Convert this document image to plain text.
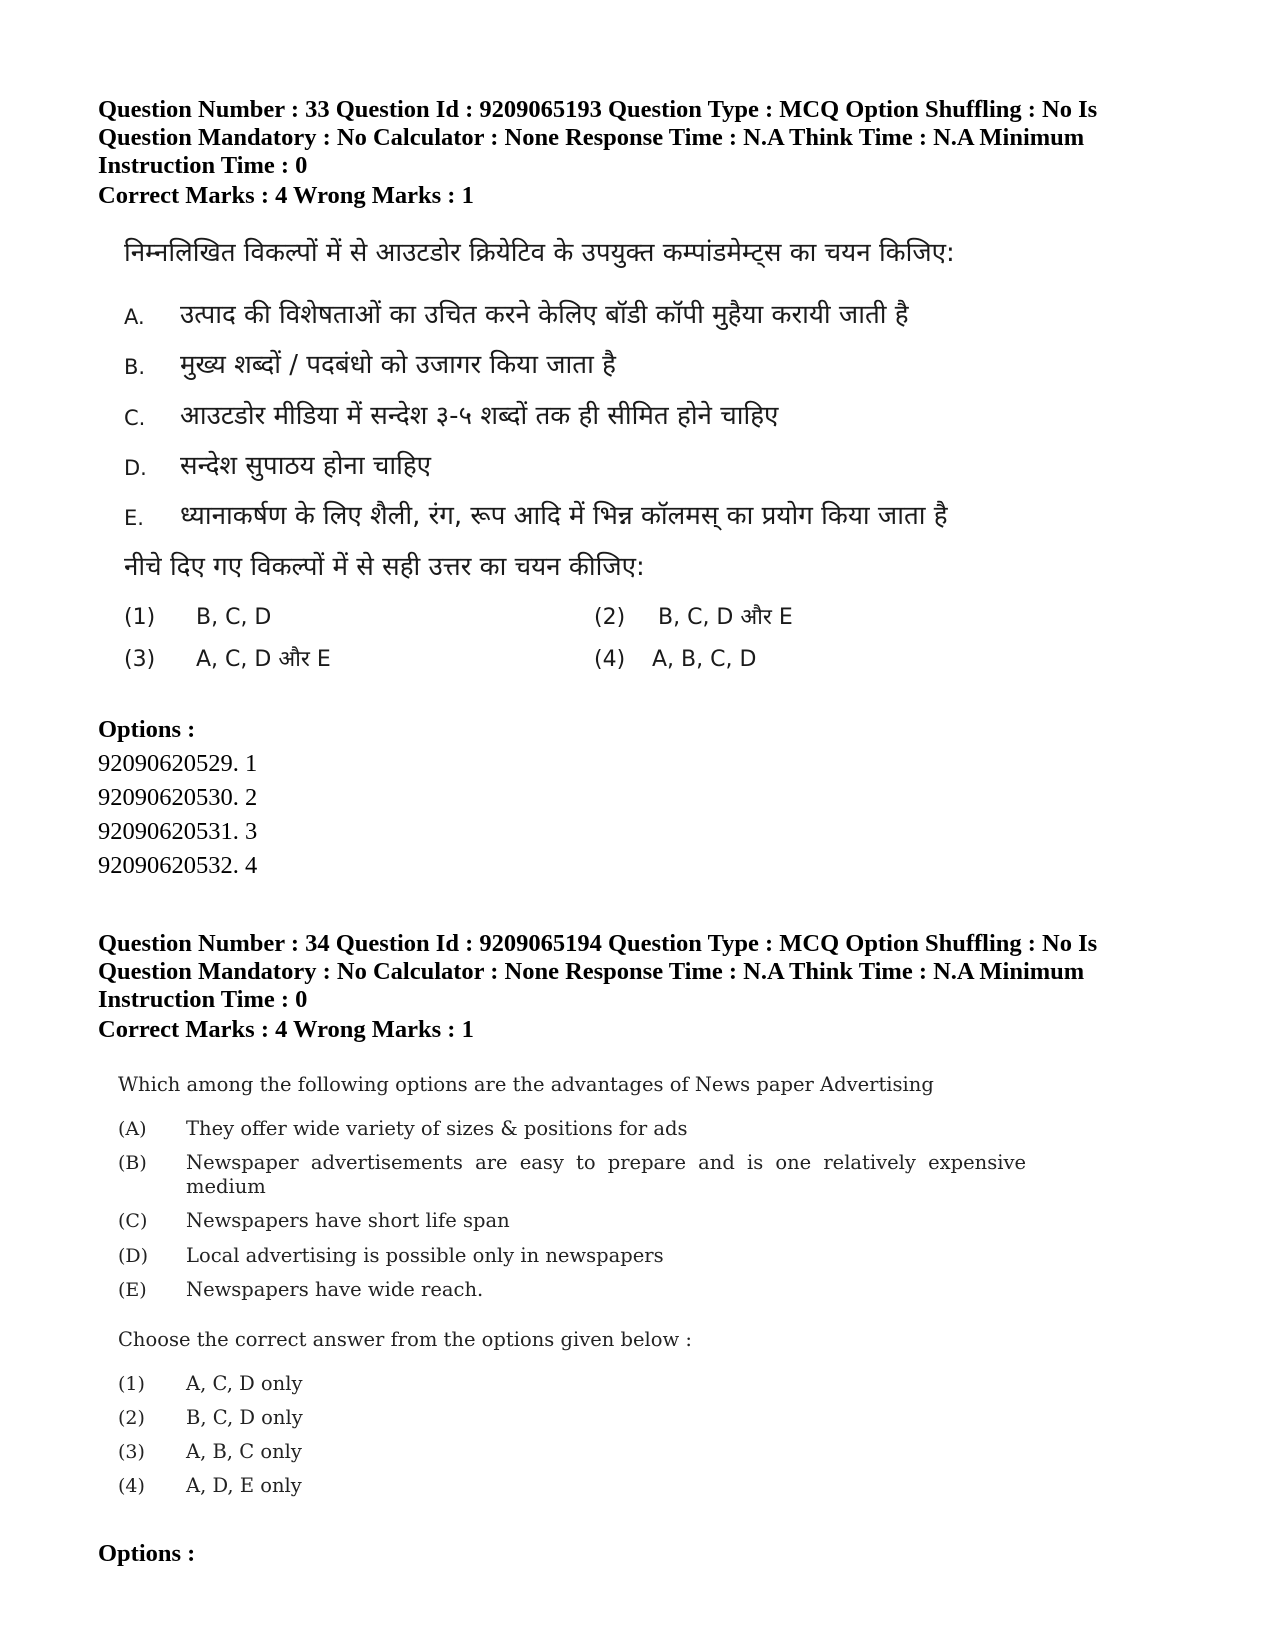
Question Number : 33 Question Id : 9209065193 Question Type : MCQ Option Shuffling : No Is Question Mandatory : No Calculator : None Response Time : N.A Think Time : N.A Minimum Instruction Time : 0

Correct Marks : 4 Wrong Marks : 1
निम्नलिखित विकल्पों में से आउटडोर क्रियेटिव के उपयुक्त कम्पांडमेम्ट्स का चयन किजिए:
A. उत्पाद की विशेषताओं का उचित करने केलिए बॉडी कॉपी मुहैया करायी जाती है
B. मुख्य शब्दों / पदबंधो को उजागर किया जाता है
C. आउटडोर मीडिया में सन्देश ३-५ शब्दों तक ही सीमित होने चाहिए
D. सन्देश सुपाठय होना चाहिए
E. ध्यानाकर्षण के लिए शैली, रंग, रूप आदि में भिन्न कॉलमस् का प्रयोग किया जाता है
नीचे दिए गए विकल्पों में से सही उत्तर का चयन कीजिए:
(1) B, C, D	(2) B, C, D और E
(3) A, C, D और E	(4) A, B, C, D
Options :
92090620529. 1
92090620530. 2
92090620531. 3
92090620532. 4

Question Number : 34 Question Id : 9209065194 Question Type : MCQ Option Shuffling : No Is Question Mandatory : No Calculator : None Response Time : N.A Think Time : N.A Minimum Instruction Time : 0

Correct Marks : 4 Wrong Marks : 1
Which among the following options are the advantages of News paper Advertising
(A) They offer wide variety of sizes & positions for ads
(B) Newspaper advertisements are easy to prepare and is one relatively expensive
medium
(C) Newspapers have short life span
(D) Local advertising is possible only in newspapers
(E) Newspapers have wide reach.
Choose the correct answer from the options given below :
(1) A, C, D only
(2) B, C, D only
(3) A, B, C only
(4) A, D, E only
Options :
